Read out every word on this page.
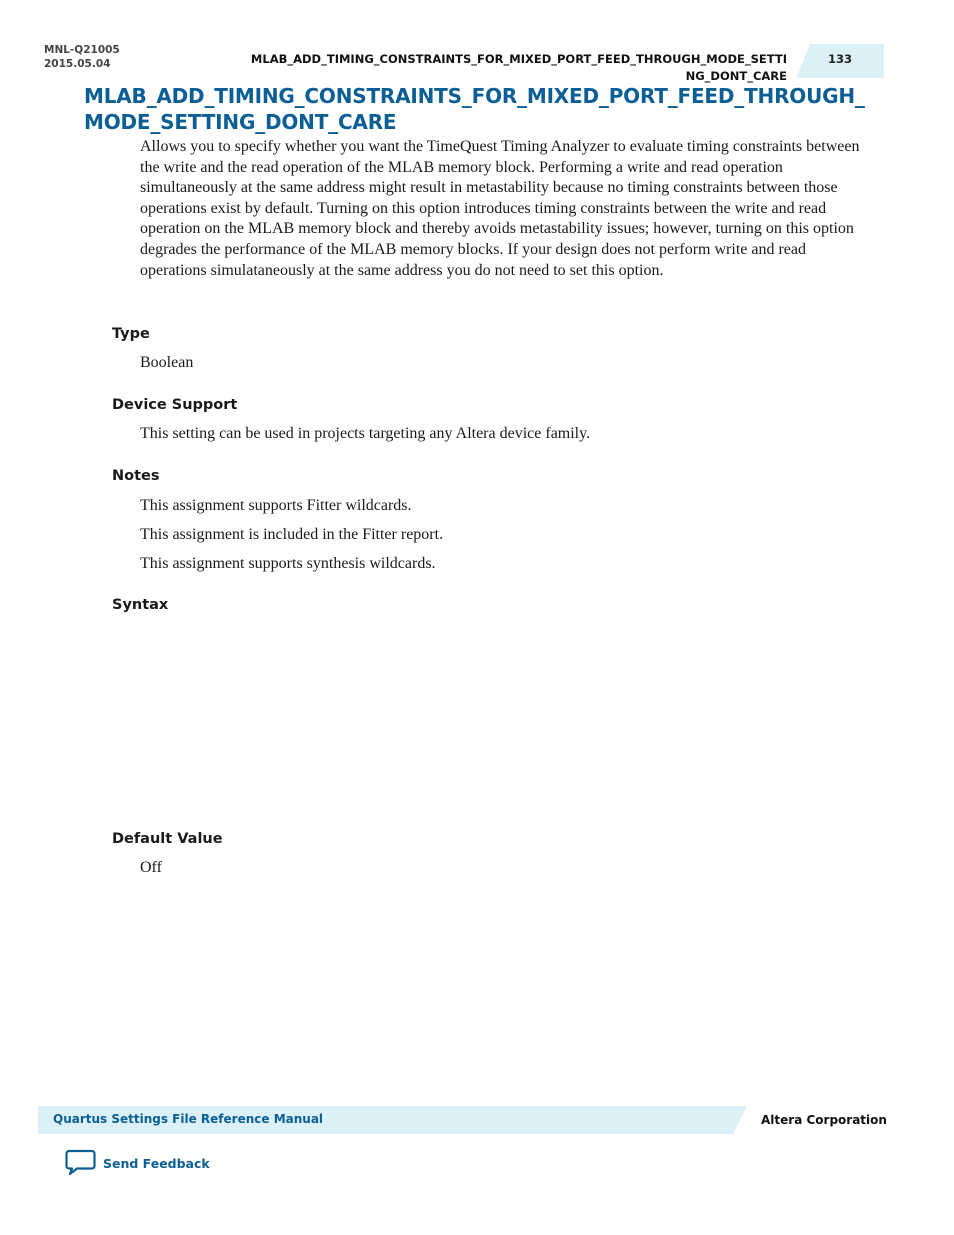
MNL-Q21005
2015.05.04	MLAB_ADD_TIMING_CONSTRAINTS_FOR_MIXED_PORT_FEED_THROUGH_MODE_SETTING_DONT_CARE
133
MLAB_ADD_TIMING_CONSTRAINTS_FOR_MIXED_PORT_FEED_THROUGH_MODE_SETTING_DONT_CARE

Allows you to specify whether you want the TimeQuest Timing Analyzer to evaluate timing constraints between the write and the read operation of the MLAB memory block. Performing a write and read operation simultaneously at the same address might result in metastability because no timing constraints between those operations exist by default. Turning on this option introduces timing constraints between the write and read operation on the MLAB memory block and thereby avoids metastability issues; however, turning on this option degrades the performance of the MLAB memory blocks. If your design does not perform write and read operations simulataneously at the same address you do not need to set this option.

Type

Boolean

Device Support

This setting can be used in projects targeting any Altera device family.

Notes

This assignment supports Fitter wildcards.

This assignment is included in the Fitter report.

This assignment supports synthesis wildcards.

Syntax
Default Value

Off

Quartus Settings File Reference Manual	Altera Corporation
Send Feedback
